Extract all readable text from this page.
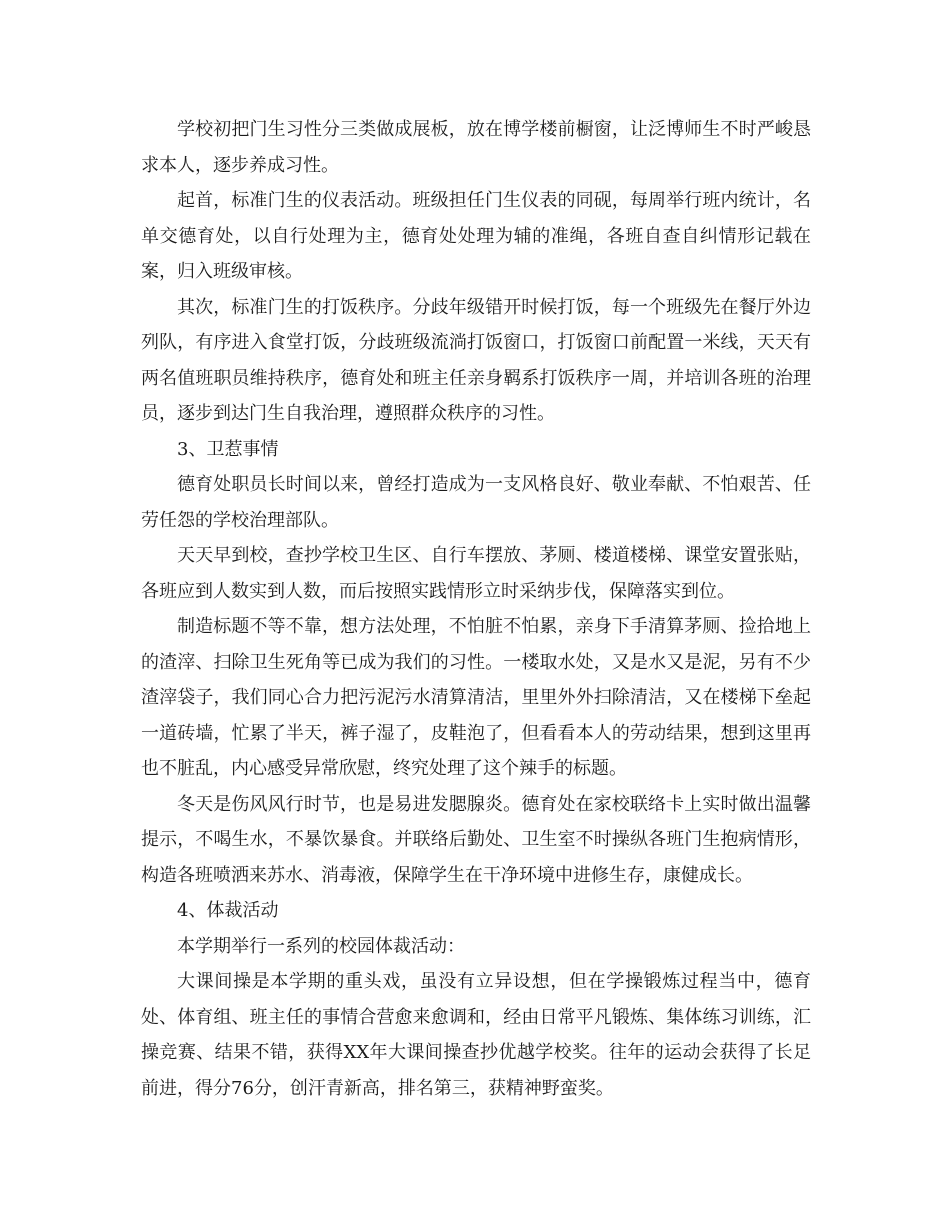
学校初把门生习性分三类做成展板，放在博学楼前橱窗，让泛博师生不时严峻恳求本人，逐步养成习性。

起首，标准门生的仪表活动。班级担任门生仪表的同砚，每周举行班内统计，名单交德育处，以自行处理为主，德育处处理为辅的准绳，各班自查自纠情形记载在案，归入班级审核。

其次，标准门生的打饭秩序。分歧年级错开时候打饭，每一个班级先在餐厅外边列队，有序进入食堂打饭，分歧班级流淌打饭窗口，打饭窗口前配置一米线，天天有两名值班职员维持秩序，德育处和班主任亲身羁系打饭秩序一周，并培训各班的治理员，逐步到达门生自我治理，遵照群众秩序的习性。

3、卫惹事情

德育处职员长时间以来，曾经打造成为一支风格良好、敬业奉献、不怕艰苦、任劳任怨的学校治理部队。

天天早到校，查抄学校卫生区、自行车摆放、茅厕、楼道楼梯、课堂安置张贴，各班应到人数实到人数，而后按照实践情形立时采纳步伐，保障落实到位。

制造标题不等不靠，想方法处理，不怕脏不怕累，亲身下手清算茅厕、捡拾地上的渣滓、扫除卫生死角等已成为我们的习性。一楼取水处，又是水又是泥，另有不少渣滓袋子，我们同心合力把污泥污水清算清洁，里里外外扫除清洁，又在楼梯下垒起一道砖墙，忙累了半天，裤子湿了，皮鞋泡了，但看看本人的劳动结果，想到这里再也不脏乱，内心感受异常欣慰，终究处理了这个辣手的标题。

冬天是伤风风行时节，也是易进发腮腺炎。德育处在家校联络卡上实时做出温馨提示，不喝生水，不暴饮暴食。并联络后勤处、卫生室不时操纵各班门生抱病情形，构造各班喷洒来苏水、消毒液，保障学生在干净环境中进修生存，康健成长。

4、体裁活动

本学期举行一系列的校园体裁活动：

大课间操是本学期的重头戏，虽没有立异设想，但在学操锻炼过程当中，德育处、体育组、班主任的事情合营愈来愈调和，经由日常平凡锻炼、集体练习训练，汇操竞赛、结果不错，获得XX年大课间操查抄优越学校奖。往年的运动会获得了长足前进，得分76分，创汗青新高，排名第三，获精神野蛮奖。
